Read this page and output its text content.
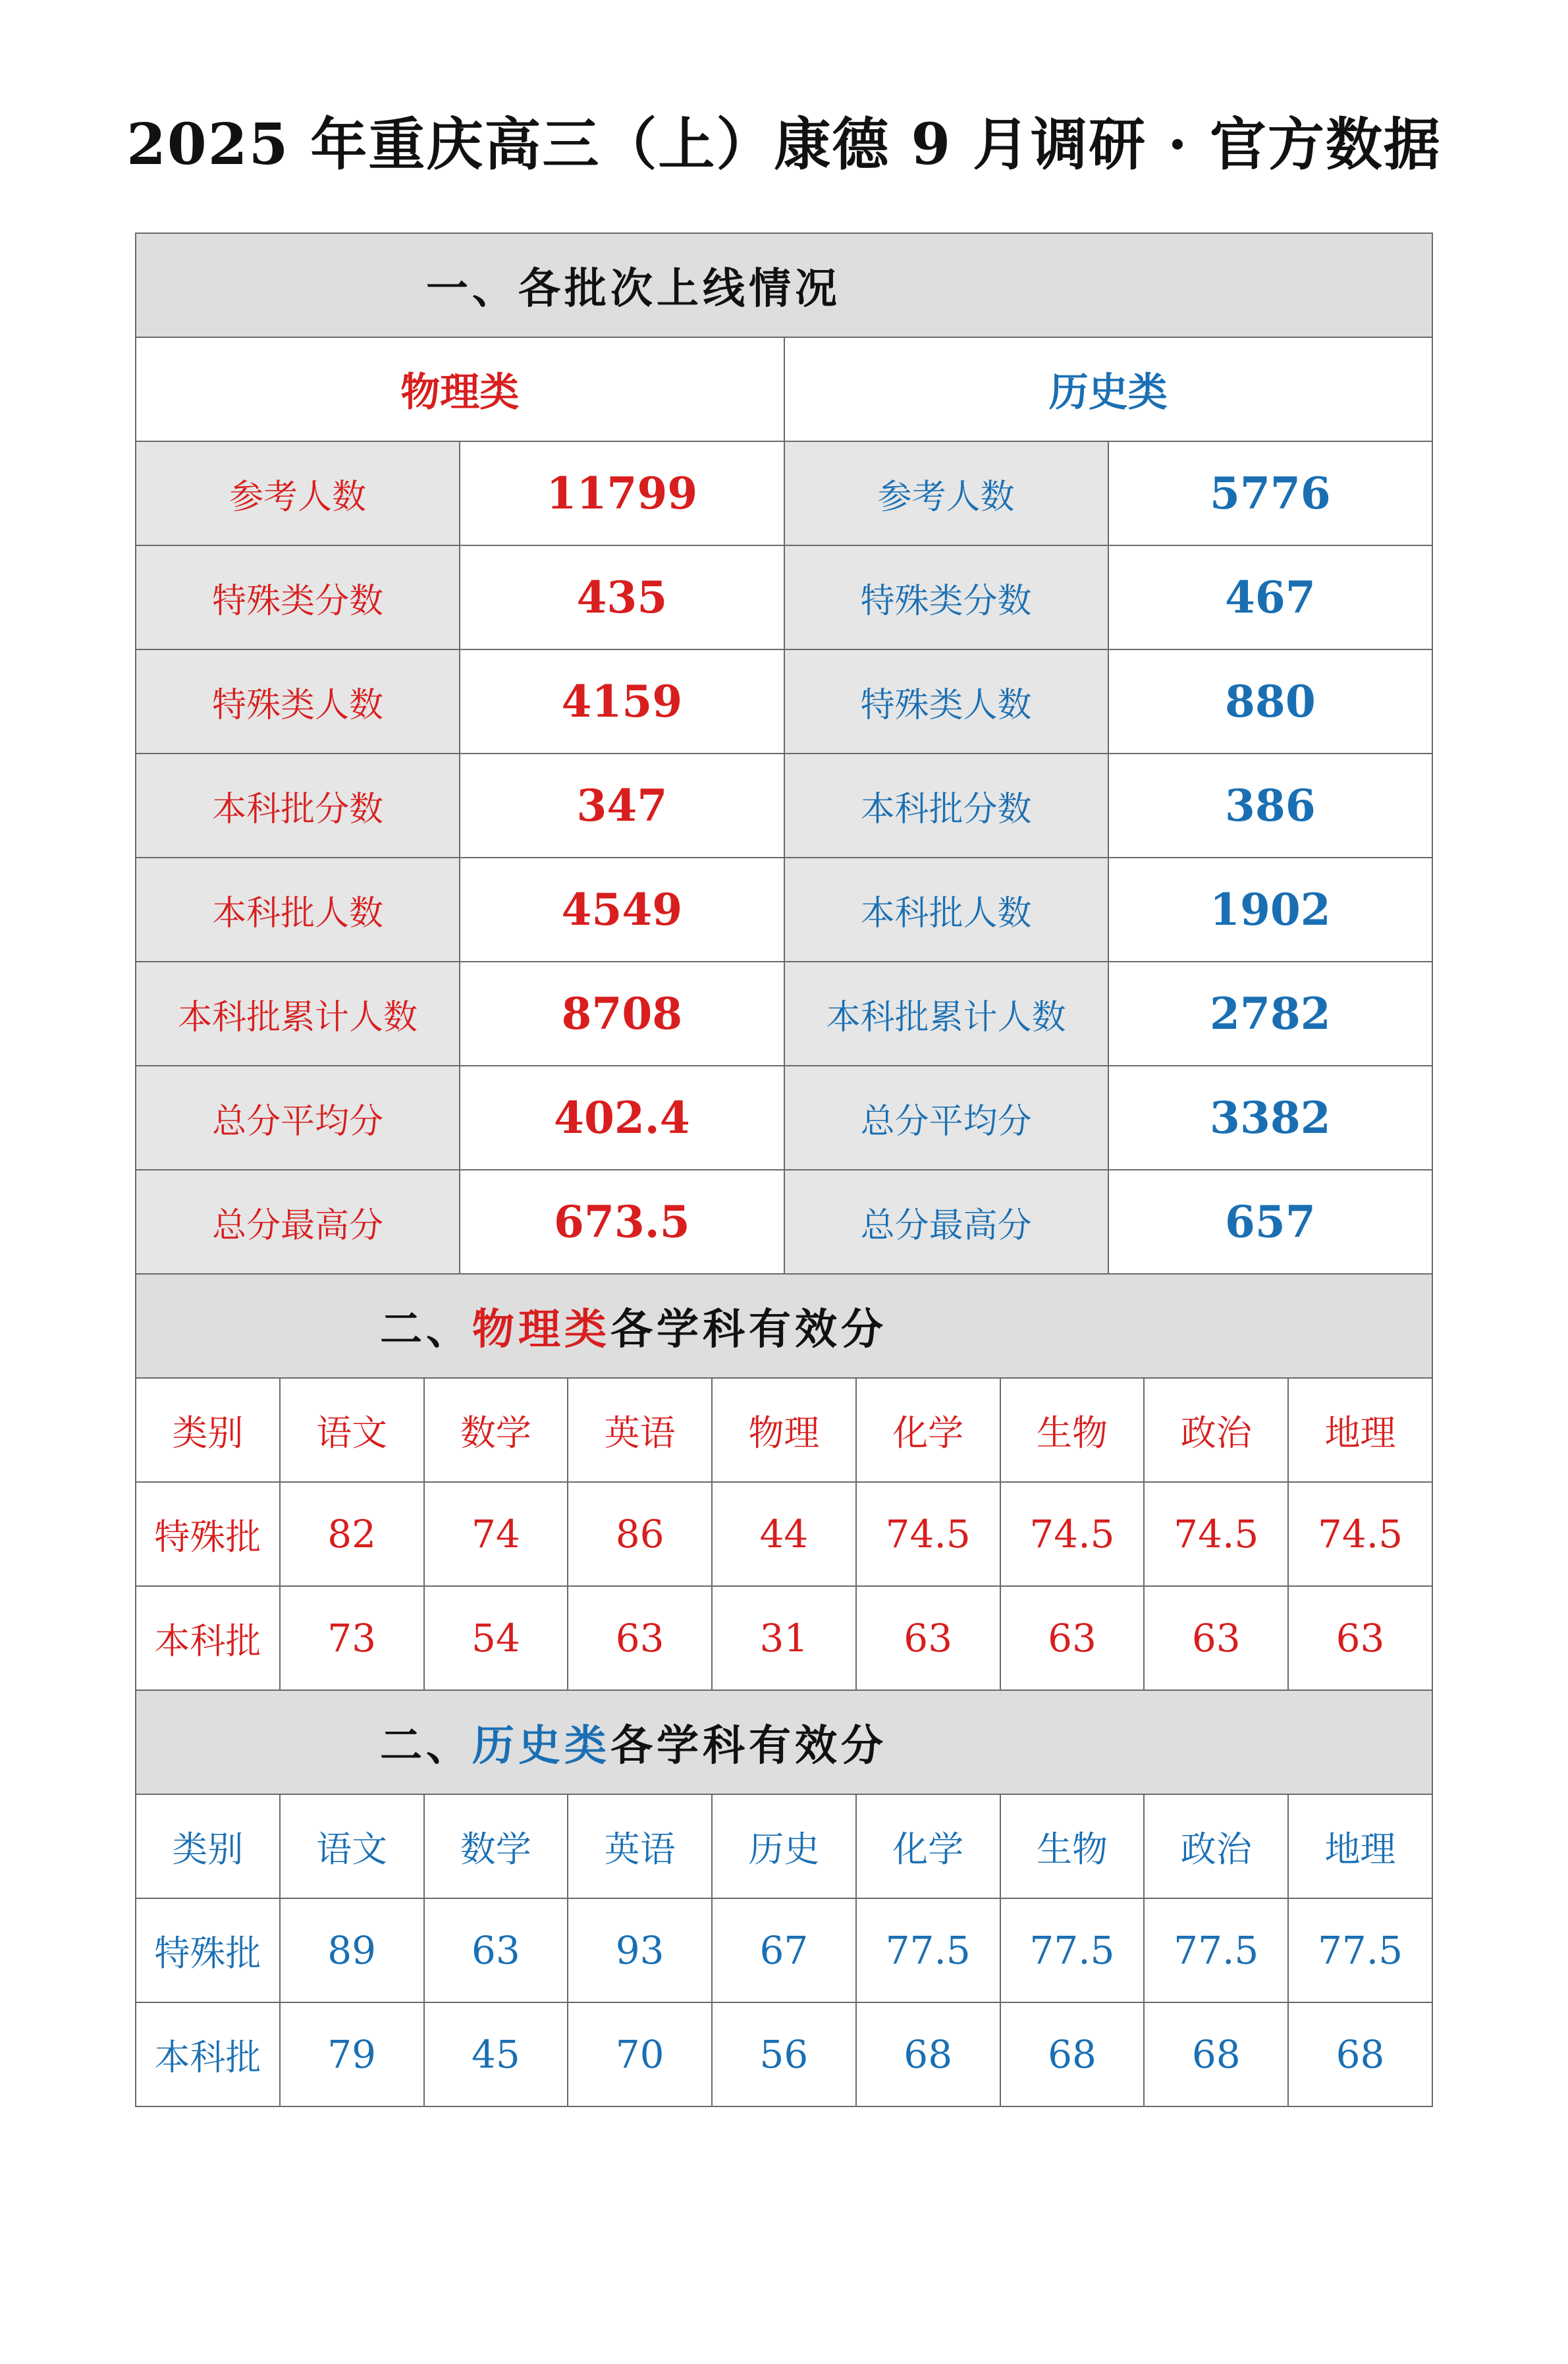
2025 年重庆高三（上）康德 9 月调研 · 官方数据
一、各批次上线情况			
物理类		历史类	
参考人数	11799	参考人数	5776
特殊类分数	435	特殊类分数	467
特殊类人数	4159	特殊类人数	880
本科批分数	347	本科批分数	386
本科批人数	4549	本科批人数	1902
本科批累计人数	8708	本科批累计人数	2782
总分平均分	402.4	总分平均分	3382
总分最高分	673.5	总分最高分	657
二、物理类各学科有效分								
类别	语文	数学	英语	物理	化学	生物	政治	地理
特殊批	82	74	86	44	74.5	74.5	74.5	74.5
本科批	73	54	63	31	63	63	63	63
二、历史类各学科有效分								
类别	语文	数学	英语	历史	化学	生物	政治	地理
特殊批	89	63	93	67	77.5	77.5	77.5	77.5
本科批	79	45	70	56	68	68	68	68
